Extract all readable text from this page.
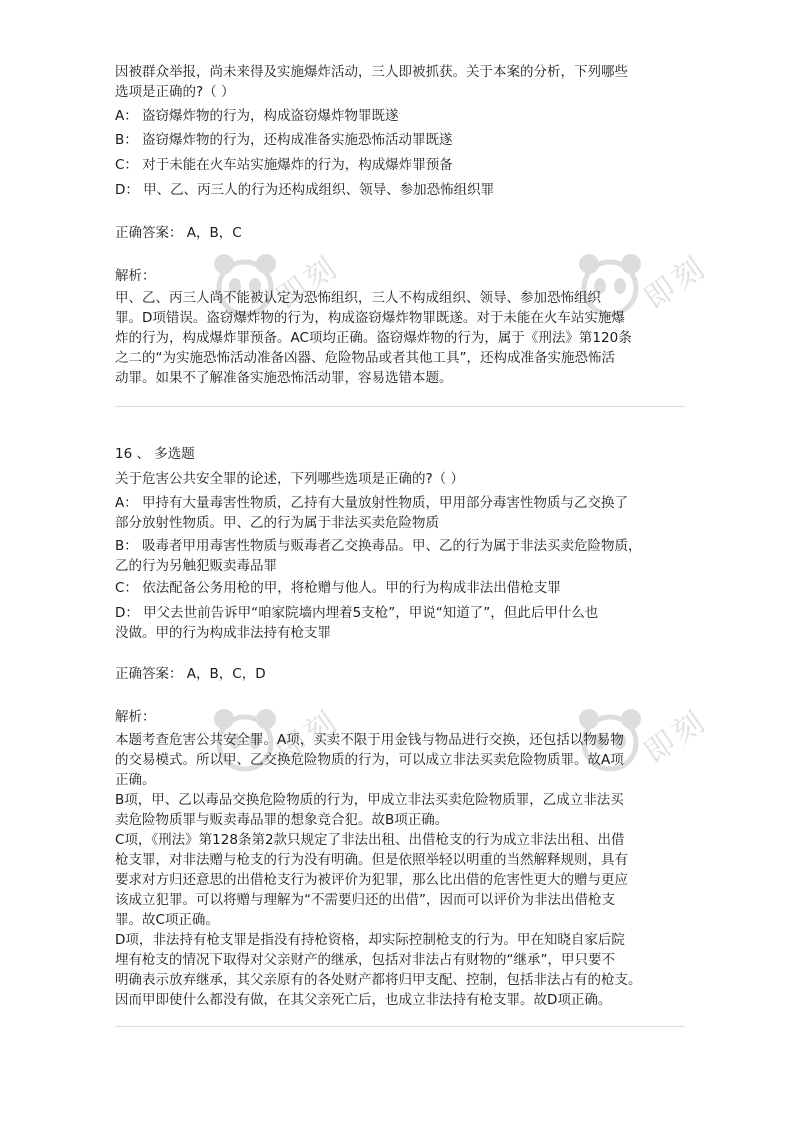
即刻	即刻
即刻	即刻
因被群众举报，尚未来得及实施爆炸活动，三人即被抓获。关于本案的分析，下列哪些
选项是正确的?（ ）
A： 盗窃爆炸物的行为，构成盗窃爆炸物罪既遂
B： 盗窃爆炸物的行为，还构成准备实施恐怖活动罪既遂
C： 对于未能在火车站实施爆炸的行为，构成爆炸罪预备
D： 甲、乙、丙三人的行为还构成组织、领导、参加恐怖组织罪
正确答案： A，B，C
解析：
甲、乙、丙三人尚不能被认定为恐怖组织，三人不构成组织、领导、参加恐怖组织
罪。D项错误。盗窃爆炸物的行为，构成盗窃爆炸物罪既遂。对于未能在火车站实施爆
炸的行为，构成爆炸罪预备。AC项均正确。盗窃爆炸物的行为，属于《刑法》第120条
之二的“为实施恐怖活动准备凶器、危险物品或者其他工具”，还构成准备实施恐怖活
动罪。如果不了解准备实施恐怖活动罪，容易选错本题。
16 、 多选题
关于危害公共安全罪的论述，下列哪些选项是正确的?（ ）
A： 甲持有大量毒害性物质，乙持有大量放射性物质，甲用部分毒害性物质与乙交换了
部分放射性物质。甲、乙的行为属于非法买卖危险物质
B： 吸毒者甲用毒害性物质与贩毒者乙交换毒品。甲、乙的行为属于非法买卖危险物质，
乙的行为另触犯贩卖毒品罪
C： 依法配备公务用枪的甲，将枪赠与他人。甲的行为构成非法出借枪支罪
D： 甲父去世前告诉甲“咱家院墙内埋着5支枪”，甲说“知道了”，但此后甲什么也
没做。甲的行为构成非法持有枪支罪
正确答案： A，B，C，D
解析：
本题考查危害公共安全罪。A项，买卖不限于用金钱与物品进行交换，还包括以物易物
的交易模式。所以甲、乙交换危险物质的行为，可以成立非法买卖危险物质罪。故A项
正确。
B项，甲、乙以毒品交换危险物质的行为，甲成立非法买卖危险物质罪，乙成立非法买
卖危险物质罪与贩卖毒品罪的想象竞合犯。故B项正确。
C项，《刑法》第128条第2款只规定了非法出租、出借枪支的行为成立非法出租、出借
枪支罪，对非法赠与枪支的行为没有明确。但是依照举轻以明重的当然解释规则，具有
要求对方归还意思的出借枪支行为被评价为犯罪，那么比出借的危害性更大的赠与更应
该成立犯罪。可以将赠与理解为“不需要归还的出借”，因而可以评价为非法出借枪支
罪。故C项正确。
D项，非法持有枪支罪是指没有持枪资格，却实际控制枪支的行为。甲在知晓自家后院
埋有枪支的情况下取得对父亲财产的继承，包括对非法占有财物的“继承”，甲只要不
明确表示放弃继承，其父亲原有的各处财产都将归甲支配、控制，包括非法占有的枪支。
因而甲即使什么都没有做，在其父亲死亡后，也成立非法持有枪支罪。故D项正确。
